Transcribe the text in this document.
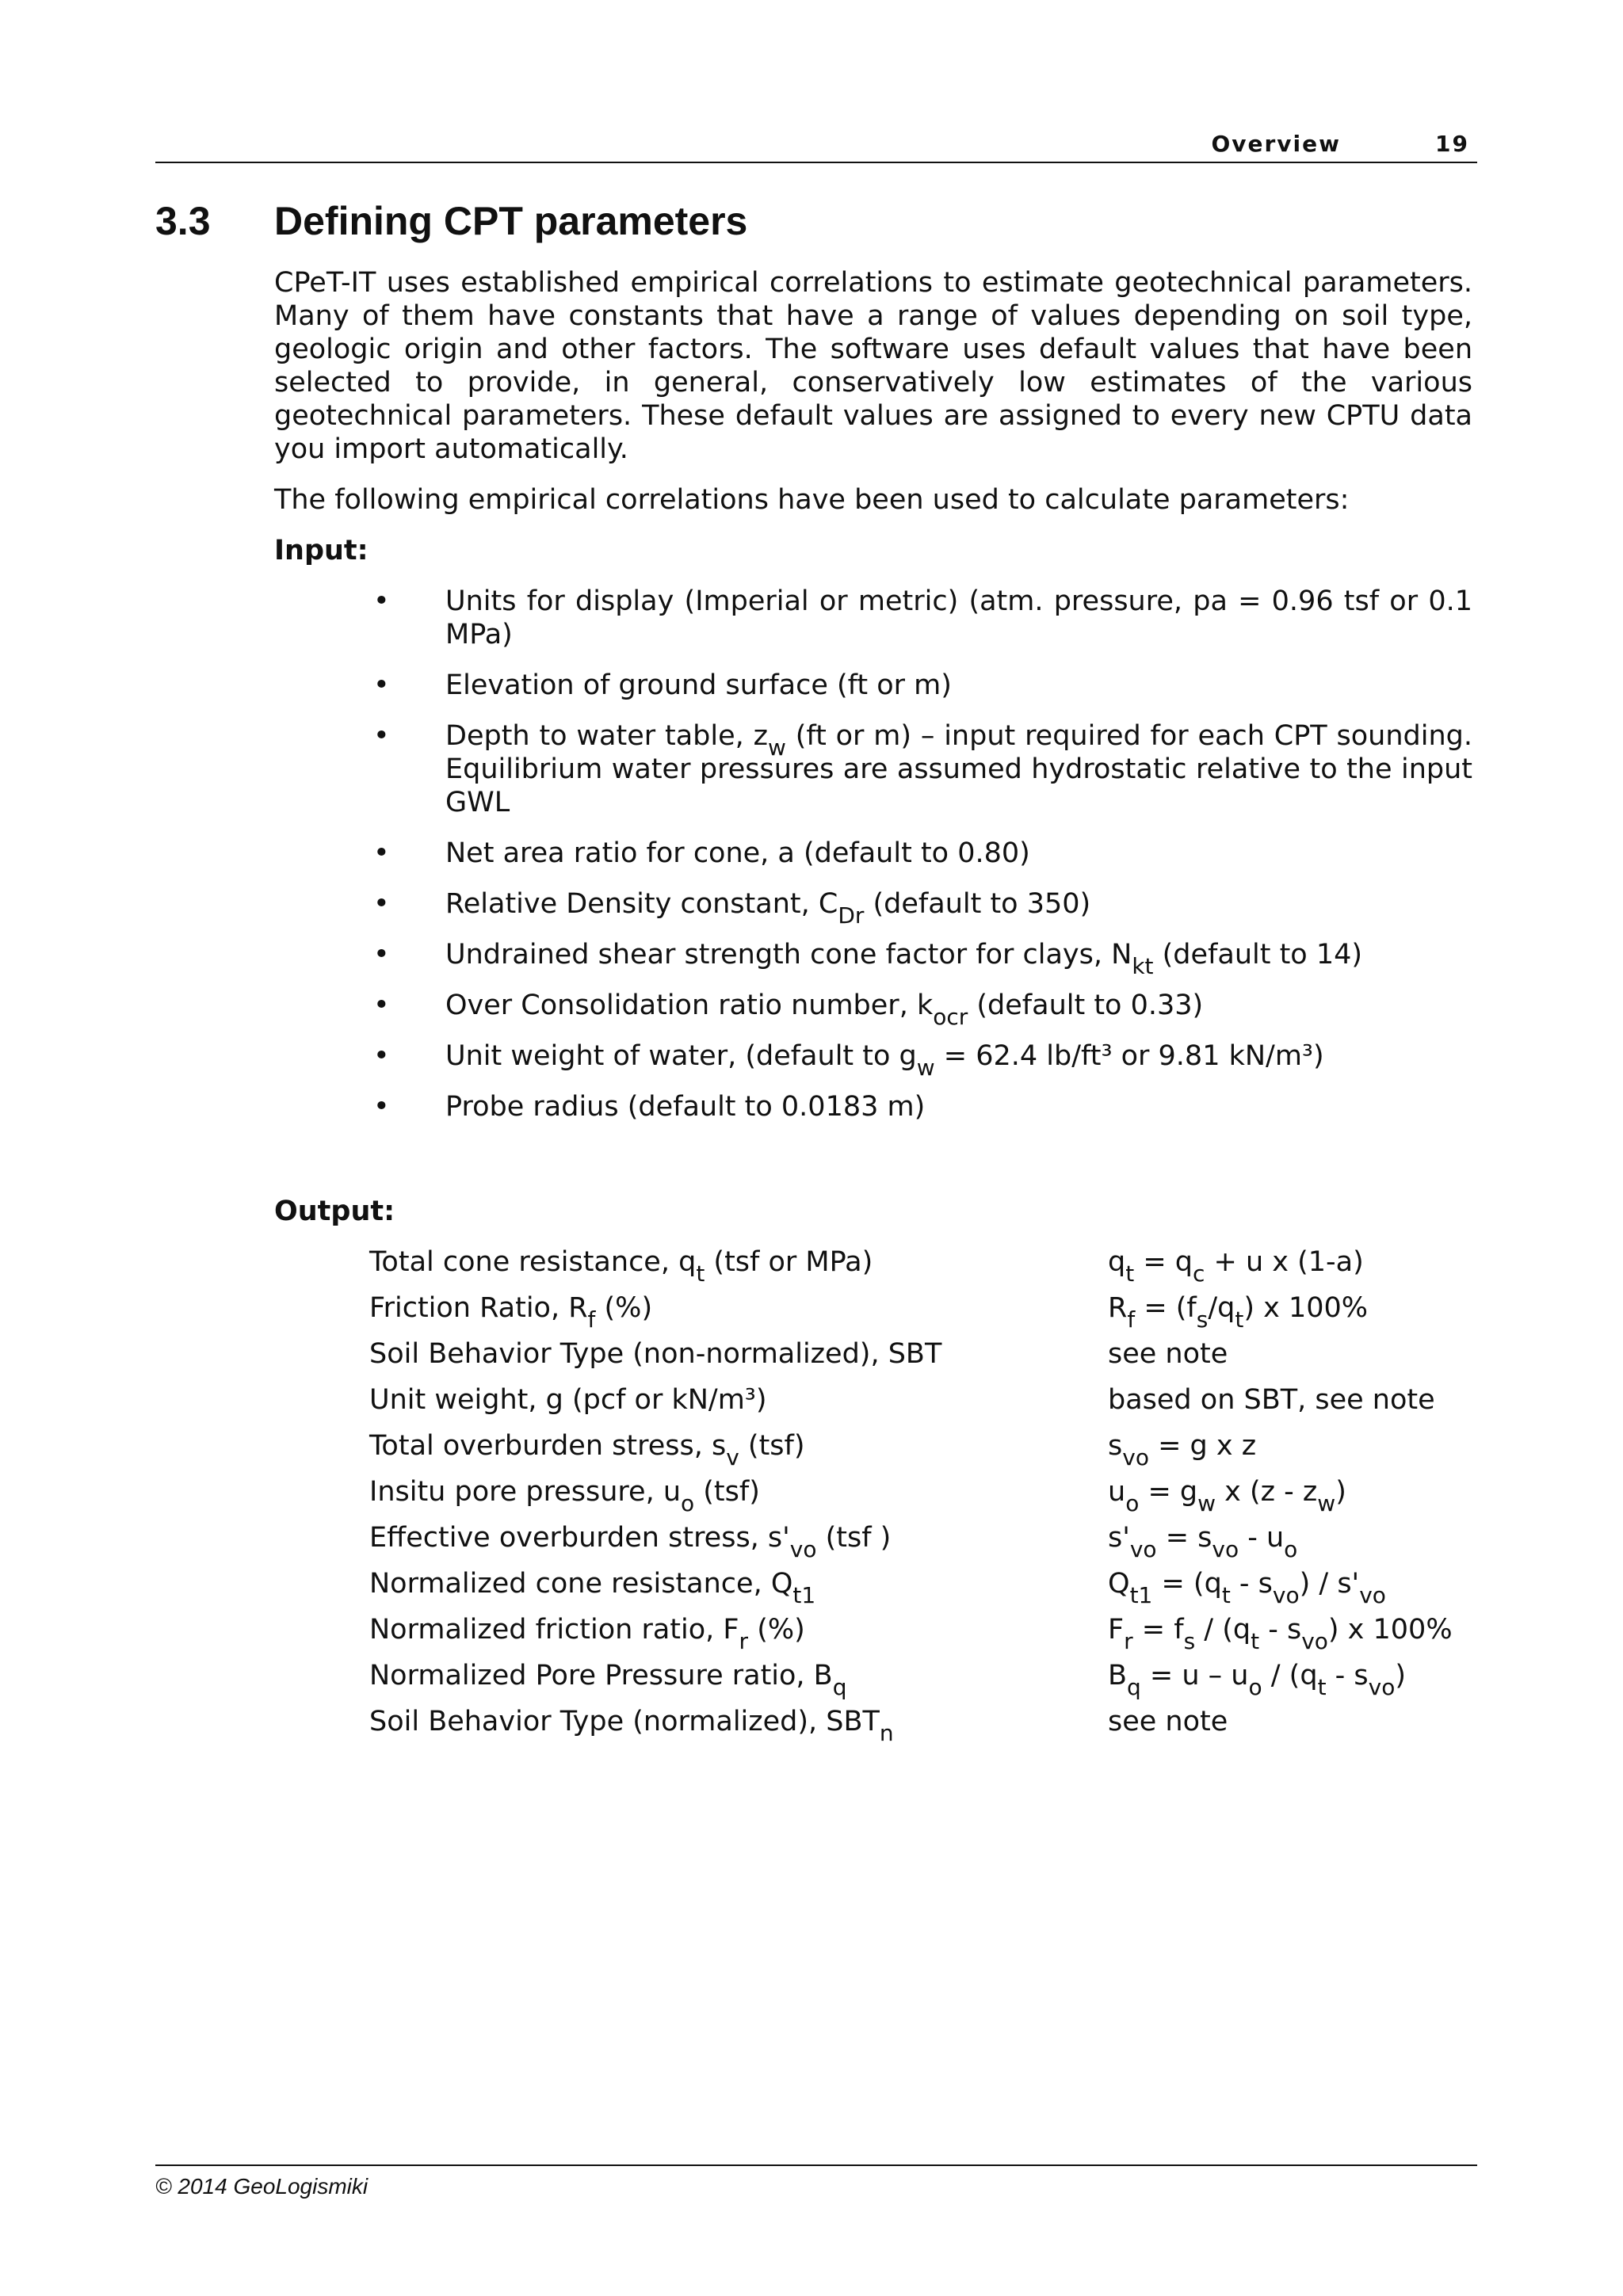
Overview	19
3.3 Defining CPT parameters

CPeT-IT uses established empirical correlations to estimate geotechnical parameters. Many of them have constants that have a range of values depending on soil type, geologic origin and other factors. The software uses default values that have been selected to provide, in general, conservatively low estimates of the various geotechnical parameters. These default values are assigned to every new CPTU data you import automatically.

The following empirical correlations have been used to calculate parameters:

Input:

• Units for display (Imperial or metric) (atm. pressure, pa = 0.96 tsf or 0.1 MPa)
• Elevation of ground surface (ft or m)
• Depth to water table, $z_w$ (ft or m) – input required for each CPT sounding. Equilibrium water pressures are assumed hydrostatic relative to the input GWL
• Net area ratio for cone, a (default to 0.80)
• Relative Density constant, $C_{Dr}$ (default to 350)
• Undrained shear strength cone factor for clays, $N_{kt}$ (default to 14)
• Over Consolidation ratio number, $k_{ocr}$ (default to 0.33)
• Unit weight of water, (default to $g_w = 62.4$ lb/ft³ or 9.81 kN/m³)
• Probe radius (default to 0.0183 m)

Output:

Total cone resistance, $q_t$ (tsf or MPa)	$q_t = q_c + u$ x (1-a)
Friction Ratio, $R_f$ (%)	$R_f = (f_s/q_t)$ x 100%
Soil Behavior Type (non-normalized), SBT	see note
Unit weight, g (pcf or kN/m³)	based on SBT, see note
Total overburden stress, $s_v$ (tsf)	$s_{vo} = g$ x z
Insitu pore pressure, $u_o$ (tsf)	$u_o = g_w$ x $(z - z_w)$
Effective overburden stress, $s'_{vo}$ (tsf )	$s'_{vo} = s_{vo} - u_o$
Normalized cone resistance, $Q_{t1}$	$Q_{t1} = (q_t - s_{vo}) / s'_{vo}$
Normalized friction ratio, $F_r$ (%)	$F_r = f_s / (q_t - s_{vo})$ x 100%
Normalized Pore Pressure ratio, $B_q$	$B_q = u - u_o / (q_t - s_{vo})$
Soil Behavior Type (normalized), $SBT_n$	see note
© 2014 GeoLogismiki
